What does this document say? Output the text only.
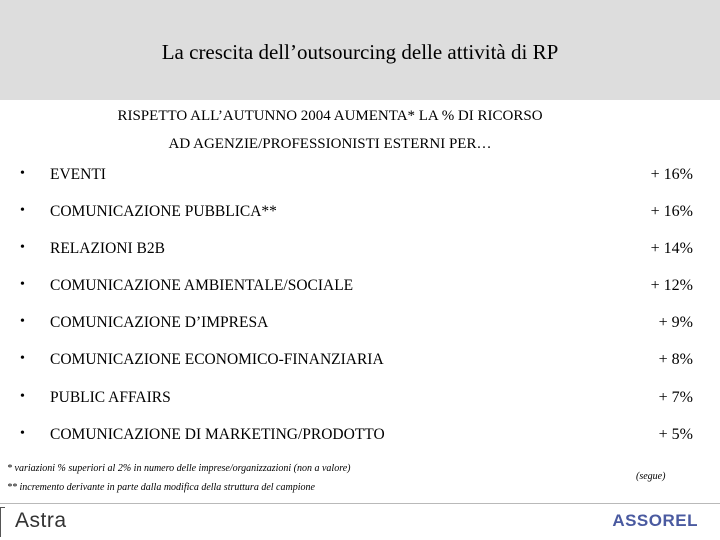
La crescita dell’outsourcing delle attività di RP
RISPETTO ALL’AUTUNNO 2004 AUMENTA* LA % DI RICORSO
AD AGENZIE/PROFESSIONISTI ESTERNI PER…
• EVENTI	+ 16%
• COMUNICAZIONE PUBBLICA**	+ 16%
• RELAZIONI B2B	+ 14%
• COMUNICAZIONE AMBIENTALE/SOCIALE	+ 12%
• COMUNICAZIONE D’IMPRESA	+ 9%
• COMUNICAZIONE ECONOMICO-FINANZIARIA	+ 8%
• PUBLIC AFFAIRS	+ 7%
• COMUNICAZIONE DI MARKETING/PRODOTTO	+ 5%
* variazioni % superiori al 2% in numero delle imprese/organizzazioni (non a valore)
** incremento derivante in parte dalla modifica della struttura del campione
(segue)
Astra	ASSOREL
